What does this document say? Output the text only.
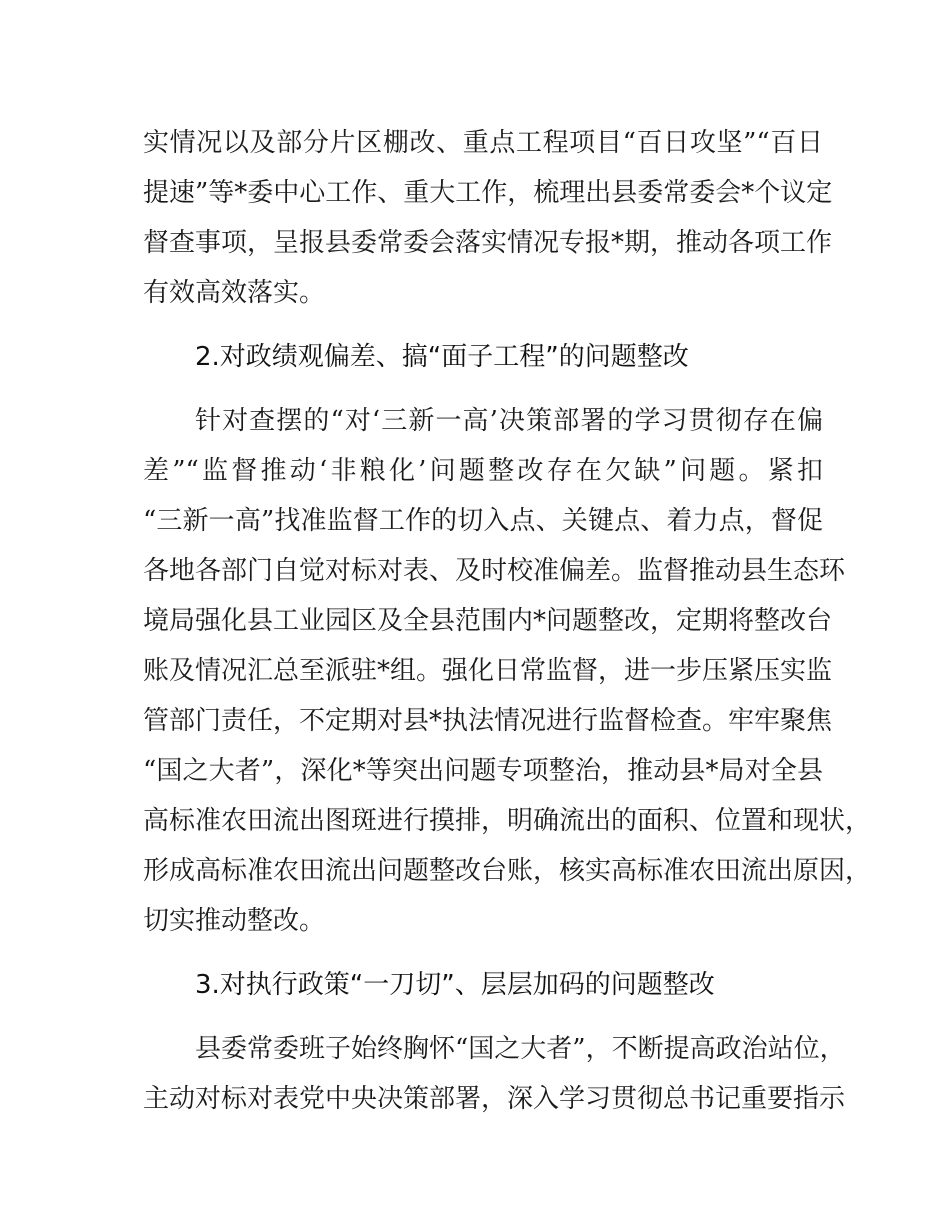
实情况以及部分片区棚改、重点工程项目“百日攻坚”“百日
提速”等*委中心工作、重大工作，梳理出县委常委会*个议定
督查事项，呈报县委常委会落实情况专报*期，推动各项工作
有效高效落实。
2.对政绩观偏差、搞“面子工程”的问题整改
针对查摆的“对‘三新一高’决策部署的学习贯彻存在偏
差”“监督推动‘非粮化’问题整改存在欠缺”问题。紧扣
“三新一高”找准监督工作的切入点、关键点、着力点，督促
各地各部门自觉对标对表、及时校准偏差。监督推动县生态环
境局强化县工业园区及全县范围内*问题整改，定期将整改台
账及情况汇总至派驻*组。强化日常监督，进一步压紧压实监
管部门责任，不定期对县*执法情况进行监督检查。牢牢聚焦
“国之大者”，深化*等突出问题专项整治，推动县*局对全县
高标准农田流出图斑进行摸排，明确流出的面积、位置和现状，
形成高标准农田流出问题整改台账，核实高标准农田流出原因，
切实推动整改。
3.对执行政策“一刀切”、层层加码的问题整改
县委常委班子始终胸怀“国之大者”，不断提高政治站位，
主动对标对表党中央决策部署，深入学习贯彻总书记重要指示
